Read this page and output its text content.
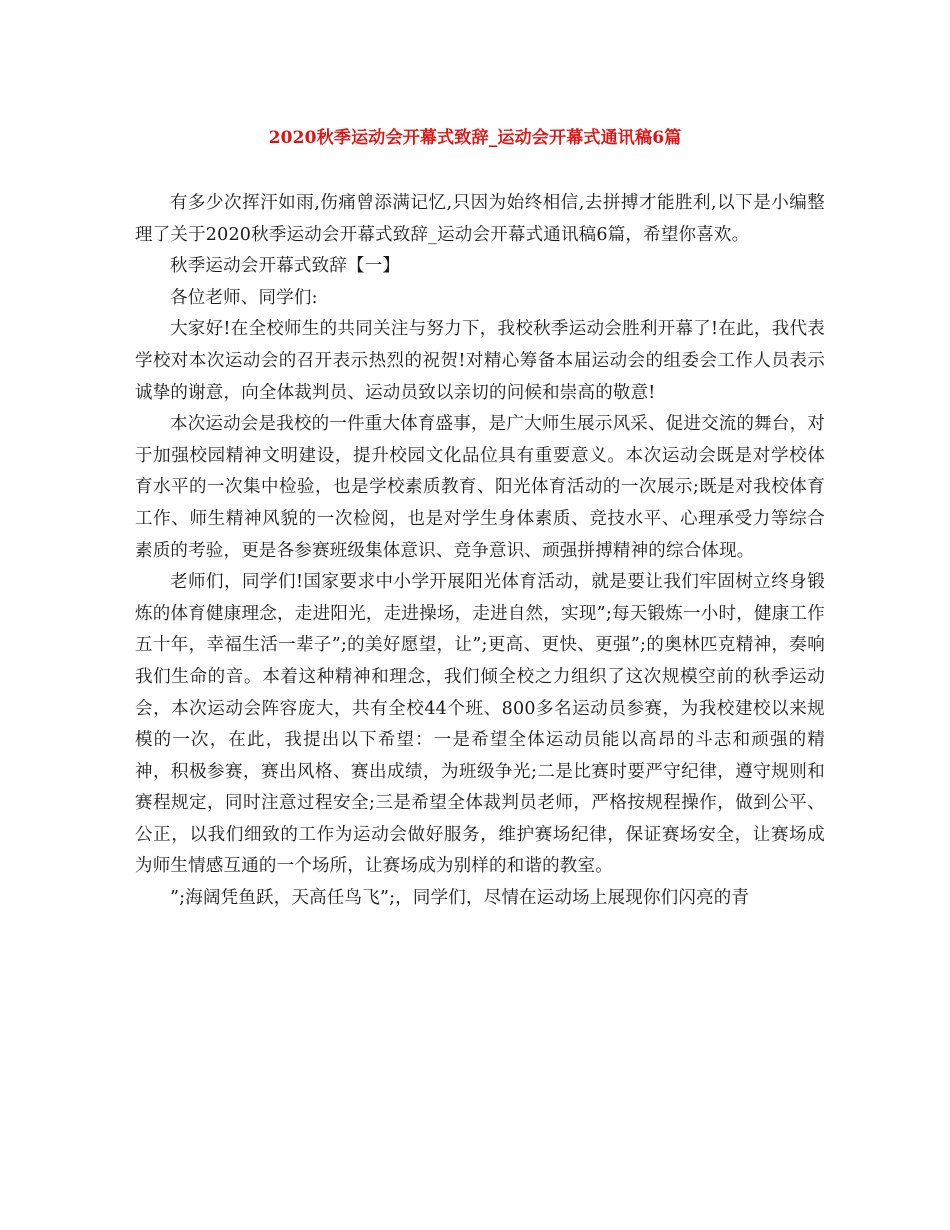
2020秋季运动会开幕式致辞_运动会开幕式通讯稿6篇

有多少次挥汗如雨,伤痛曾添满记忆,只因为始终相信,去拼搏才能胜利,以下是小编整理了关于2020秋季运动会开幕式致辞_运动会开幕式通讯稿6篇，希望你喜欢。

秋季运动会开幕式致辞【一】

各位老师、同学们:

大家好!在全校师生的共同关注与努力下，我校秋季运动会胜利开幕了!在此，我代表学校对本次运动会的召开表示热烈的祝贺!对精心筹备本届运动会的组委会工作人员表示诚挚的谢意，向全体裁判员、运动员致以亲切的问候和崇高的敬意!

本次运动会是我校的一件重大体育盛事，是广大师生展示风采、促进交流的舞台，对于加强校园精神文明建设，提升校园文化品位具有重要意义。本次运动会既是对学校体育水平的一次集中检验，也是学校素质教育、阳光体育活动的一次展示;既是对我校体育工作、师生精神风貌的一次检阅，也是对学生身体素质、竞技水平、心理承受力等综合素质的考验，更是各参赛班级集体意识、竞争意识、顽强拼搏精神的综合体现。

老师们，同学们!国家要求中小学开展阳光体育活动，就是要让我们牢固树立终身锻炼的体育健康理念，走进阳光，走进操场，走进自然，实现”;每天锻炼一小时，健康工作五十年，幸福生活一辈子”;的美好愿望，让”;更高、更快、更强”;的奥林匹克精神，奏响我们生命的音。本着这种精神和理念，我们倾全校之力组织了这次规模空前的秋季运动会，本次运动会阵容庞大，共有全校44个班、800多名运动员参赛，为我校建校以来规模的一次，在此，我提出以下希望：一是希望全体运动员能以高昂的斗志和顽强的精神，积极参赛，赛出风格、赛出成绩，为班级争光;二是比赛时要严守纪律，遵守规则和赛程规定，同时注意过程安全;三是希望全体裁判员老师，严格按规程操作，做到公平、公正，以我们细致的工作为运动会做好服务，维护赛场纪律，保证赛场安全，让赛场成为师生情感互通的一个场所，让赛场成为别样的和谐的教室。

”;海阔凭鱼跃，天高任鸟飞”;，同学们，尽情在运动场上展现你们闪亮的青
